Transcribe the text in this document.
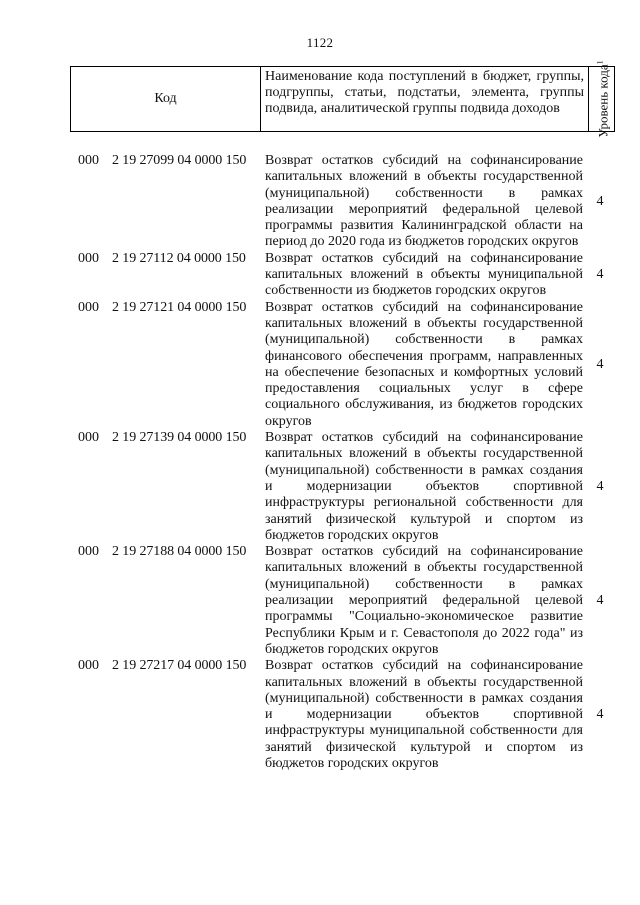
1122
Код
Наименование кода поступлений в бюджет, группы, подгруппы, статьи, подстатьи, элемента, группы подвида, аналитической группы подвида доходов	Уровень кода$^1$
000 2 19 27099 04 0000 150 Возврат остатков субсидий на софинансирование капитальных вложений в объекты государственной (муниципальной) собственности в рамках реализации мероприятий федеральной целевой программы развития Калининградской области на период до 2020 года из бюджетов городских округов
4
000 2 19 27112 04 0000 150 Возврат остатков субсидий на софинансирование капитальных вложений в объекты муниципальной собственности из бюджетов городских округов
4
000 2 19 27121 04 0000 150 Возврат остатков субсидий на софинансирование капитальных вложений в объекты государственной (муниципальной) собственности в рамках финансового обеспечения программ, направленных на обеспечение безопасных и комфортных условий предоставления социальных услуг в сфере социального обслуживания, из бюджетов городских округов
4
000 2 19 27139 04 0000 150 Возврат остатков субсидий на софинансирование капитальных вложений в объекты государственной (муниципальной) собственности в рамках создания и модернизации объектов спортивной инфраструктуры региональной собственности для занятий физической культурой и спортом из бюджетов городских округов
4
000 2 19 27188 04 0000 150 Возврат остатков субсидий на софинансирование капитальных вложений в объекты государственной (муниципальной) собственности в рамках реализации мероприятий федеральной целевой программы "Социально-экономическое развитие Республики Крым и г. Севастополя до 2022 года" из бюджетов городских округов
4
000 2 19 27217 04 0000 150 Возврат остатков субсидий на софинансирование капитальных вложений в объекты государственной (муниципальной) собственности в рамках создания и модернизации объектов спортивной инфраструктуры муниципальной собственности для занятий физической культурой и спортом из бюджетов городских округов
4
